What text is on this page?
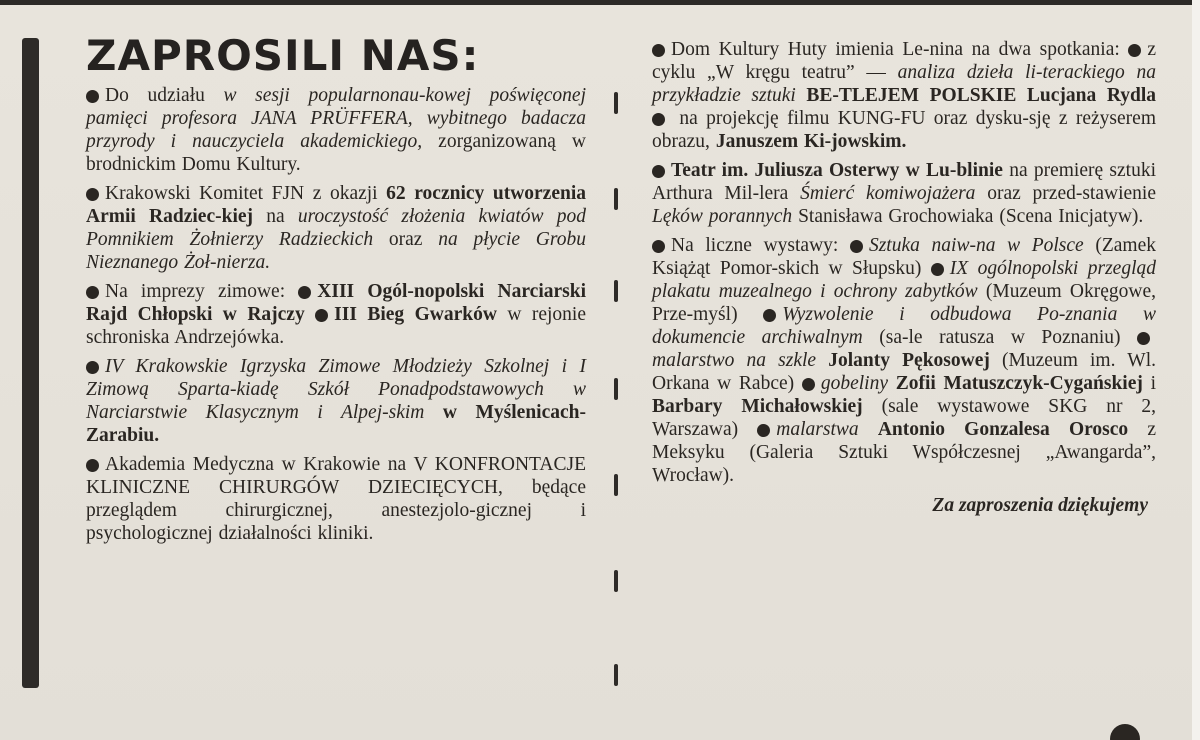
ZAPROSILI NAS:

Do udziału w sesji popularnonau-kowej poświęconej pamięci profesora JANA PRÜFFERA, wybitnego badacza przyrody i nauczyciela akademickiego, zorganizowaną w brodnickim Domu Kultury.

Krakowski Komitet FJN z okazji 62 rocznicy utworzenia Armii Radziec-kiej na uroczystość złożenia kwiatów pod Pomnikiem Żołnierzy Radzieckich oraz na płycie Grobu Nieznanego Żoł-nierza.

Na imprezy zimowe: XIII Ogól-nopolski Narciarski Rajd Chłopski w Rajczy III Bieg Gwarków w rejonie schroniska Andrzejówka.

IV Krakowskie Igrzyska Zimowe Młodzieży Szkolnej i I Zimową Sparta-kiadę Szkół Ponadpodstawowych w Narciarstwie Klasycznym i Alpej-skim w Myślenicach-Zarabiu.

Akademia Medyczna w Krakowie na V KONFRONTACJE KLINICZNE CHIRURGÓW DZIECIĘCYCH, będące przeglądem chirurgicznej, anestezjolo-gicznej i psychologicznej działalności kliniki.

Dom Kultury Huty imienia Le-nina na dwa spotkania: z cyklu „W kręgu teatru” — analiza dzieła li-terackiego na przykładzie sztuki BE-TLEJEM POLSKIE Lucjana Rydla  na projekcję filmu KUNG-FU oraz dysku-sję z reżyserem obrazu, Januszem Ki-jowskim.

Teatr im. Juliusza Osterwy w Lu-blinie na premierę sztuki Arthura Mil-lera Śmierć komiwojażera oraz przed-stawienie Lęków porannych Stanisława Grochowiaka (Scena Inicjatyw).

Na liczne wystawy: Sztuka naiw-na w Polsce (Zamek Książąt Pomor-skich w Słupsku) IX ogólnopolski przegląd plakatu muzealnego i ochrony zabytków (Muzeum Okręgowe, Prze-myśl) Wyzwolenie i odbudowa Po-znania w dokumencie archiwalnym (sa-le ratusza w Poznaniu) malarstwo na szkle Jolanty Pękosowej (Muzeum im. Wl. Orkana w Rabce) gobeliny Zofii Matuszczyk-Cygańskiej i Barbary Michałowskiej (sale wystawowe SKG nr 2, Warszawa) malarstwa Antonio Gonzalesa Orosco z Meksyku (Galeria Sztuki Współczesnej „Awangarda”, Wrocław).

Za zaproszenia dziękujemy
